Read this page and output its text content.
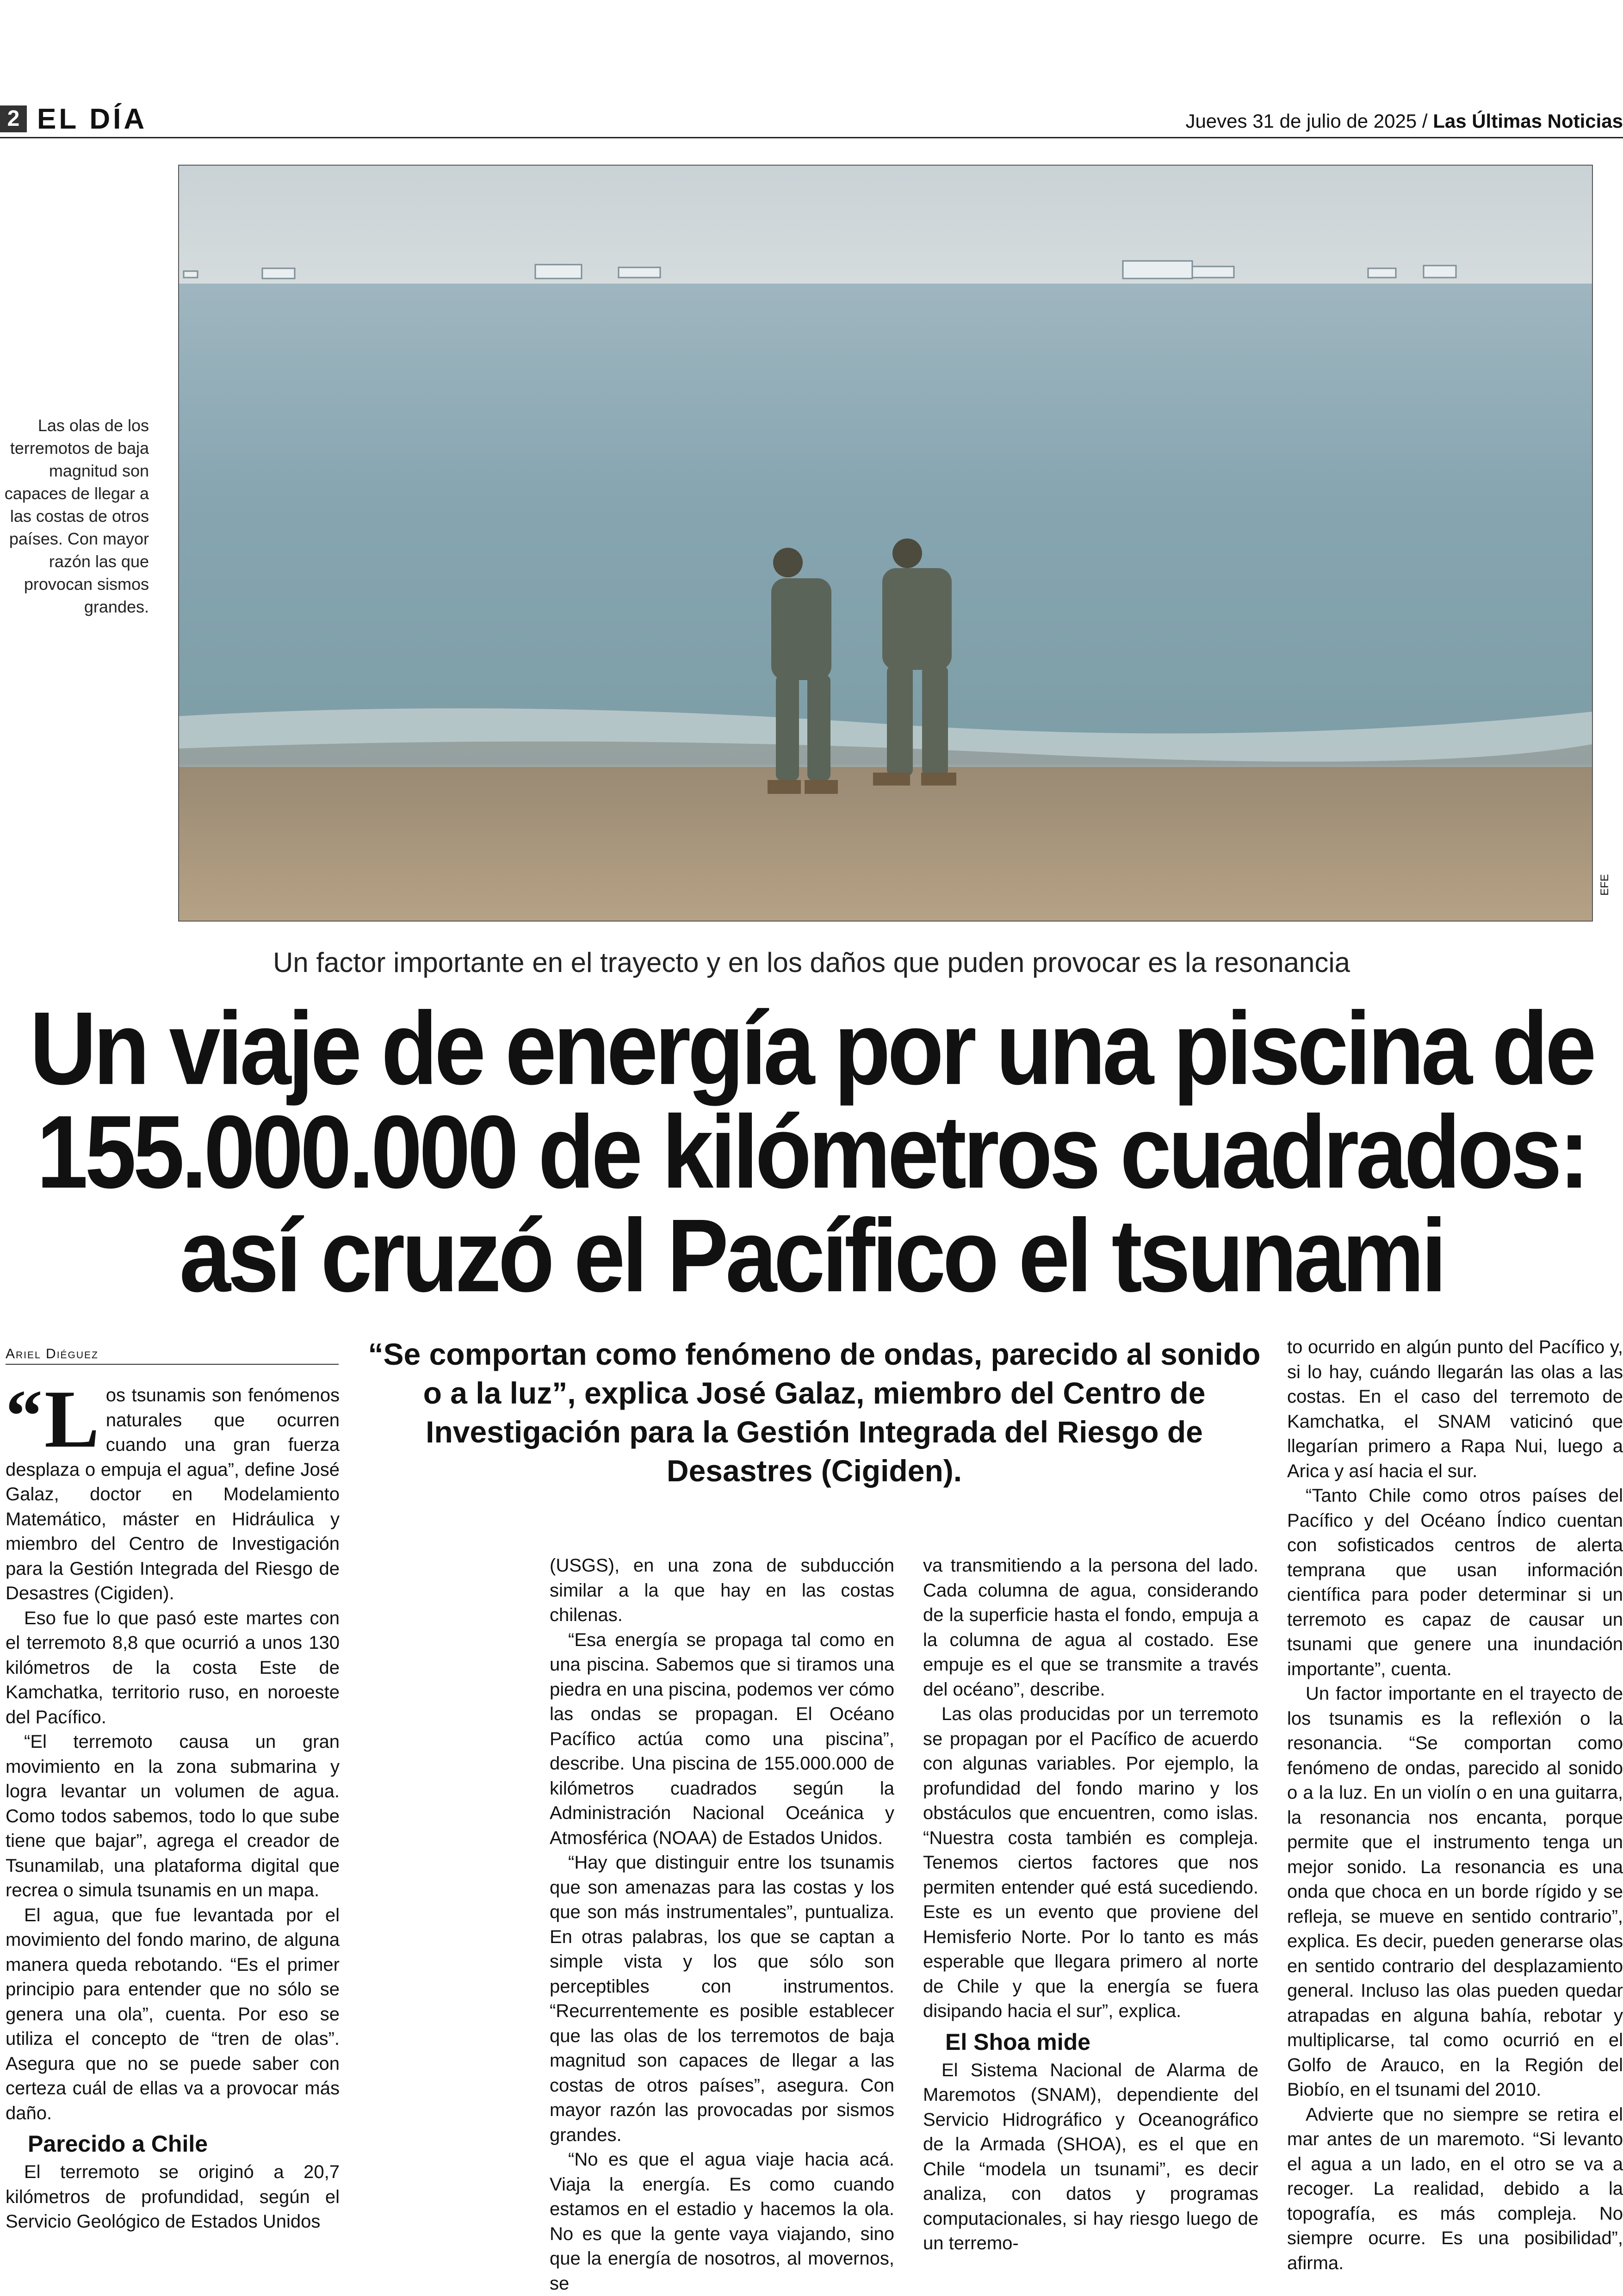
2 EL DÍA	Jueves 31 de julio de 2025 / Las Últimas Noticias
EFE
Las olas de los terremotos de baja magnitud son capaces de llegar a las costas de otros países. Con mayor razón las que provocan sismos grandes.
Un factor importante en el trayecto y en los daños que puden provocar es la resonancia
Un viaje de energía por una piscina de
155.000.000 de kilómetros cuadrados:
así cruzó el Pacífico el tsunami
Ariel Diéguez

“ L os tsunamis son fenómenos naturales que ocurren cuando una gran fuerza desplaza o empuja el agua”, define José Galaz, doctor en Modelamiento Matemático, máster en Hidráulica y miembro del Centro de Investigación para la Gestión Integrada del Riesgo de Desastres (Cigiden).

Eso fue lo que pasó este martes con el terremoto 8,8 que ocurrió a unos 130 kilómetros de la costa Este de Kamchatka, territorio ruso, en noroeste del Pacífico.

“El terremoto causa un gran movimiento en la zona submarina y logra levantar un volumen de agua. Como todos sabemos, todo lo que sube tiene que bajar”, agrega el creador de Tsunamilab, una plataforma digital que recrea o simula tsunamis en un mapa.

El agua, que fue levantada por el movimiento del fondo marino, de alguna manera queda rebotando. “Es el primer principio para entender que no sólo se genera una ola”, cuenta. Por eso se utiliza el concepto de “tren de olas”. Asegura que no se puede saber con certeza cuál de ellas va a provocar más daño.

Parecido a Chile

El terremoto se originó a 20,7 kilómetros de profundidad, según el Servicio Geológico de Estados Unidos

“Se comportan como fenómeno de ondas, parecido al sonido o a la luz”, explica José Galaz, miembro del Centro de Investigación para la Gestión Integrada del Riesgo de Desastres (Cigiden).

(USGS), en una zona de subducción similar a la que hay en las costas chilenas.

“Esa energía se propaga tal como en una piscina. Sabemos que si tiramos una piedra en una piscina, podemos ver cómo las ondas se propagan. El Océano Pacífico actúa como una piscina”, describe. Una piscina de 155.000.000 de kilómetros cuadrados según la Administración Nacional Oceánica y Atmosférica (NOAA) de Estados Unidos.

“Hay que distinguir entre los tsunamis que son amenazas para las costas y los que son más instrumentales”, puntualiza. En otras palabras, los que se captan a simple vista y los que sólo son perceptibles con instrumentos. “Recurrentemente es posible establecer que las olas de los terremotos de baja magnitud son capaces de llegar a las costas de otros países”, asegura. Con mayor razón las provocadas por sismos grandes.

“No es que el agua viaje hacia acá. Viaja la energía. Es como cuando estamos en el estadio y hacemos la ola. No es que la gente vaya viajando, sino que la energía de nosotros, al movernos, se

va transmitiendo a la persona del lado. Cada columna de agua, considerando de la superficie hasta el fondo, empuja a la columna de agua al costado. Ese empuje es el que se transmite a través del océano”, describe.

Las olas producidas por un terremoto se propagan por el Pacífico de acuerdo con algunas variables. Por ejemplo, la profundidad del fondo marino y los obstáculos que encuentren, como islas. “Nuestra costa también es compleja. Tenemos ciertos factores que nos permiten entender qué está sucediendo. Este es un evento que proviene del Hemisferio Norte. Por lo tanto es más esperable que llegara primero al norte de Chile y que la energía se fuera disipando hacia el sur”, explica.

El Shoa mide

El Sistema Nacional de Alarma de Maremotos (SNAM), dependiente del Servicio Hidrográfico y Oceanográfico de la Armada (SHOA), es el que en Chile “modela un tsunami”, es decir analiza, con datos y programas computacionales, si hay riesgo luego de un terremo-

to ocurrido en algún punto del Pacífico y, si lo hay, cuándo llegarán las olas a las costas. En el caso del terremoto de Kamchatka, el SNAM vaticinó que llegarían primero a Rapa Nui, luego a Arica y así hacia el sur.

“Tanto Chile como otros países del Pacífico y del Océano Índico cuentan con sofisticados centros de alerta temprana que usan información científica para poder determinar si un terremoto es capaz de causar un tsunami que genere una inundación importante”, cuenta.

Un factor importante en el trayecto de los tsunamis es la reflexión o la resonancia. “Se comportan como fenómeno de ondas, parecido al sonido o a la luz. En un violín o en una guitarra, la resonancia nos encanta, porque permite que el instrumento tenga un mejor sonido. La resonancia es una onda que choca en un borde rígido y se refleja, se mueve en sentido contrario”, explica. Es decir, pueden generarse olas en sentido contrario del desplazamiento general. Incluso las olas pueden quedar atrapadas en alguna bahía, rebotar y multiplicarse, tal como ocurrió en el Golfo de Arauco, en la Región del Biobío, en el tsunami del 2010.

Advierte que no siempre se retira el mar antes de un maremoto. “Si levanto el agua a un lado, en el otro se va a recoger. La realidad, debido a la topografía, es más compleja. No siempre ocurre. Es una posibilidad”, afirma.
